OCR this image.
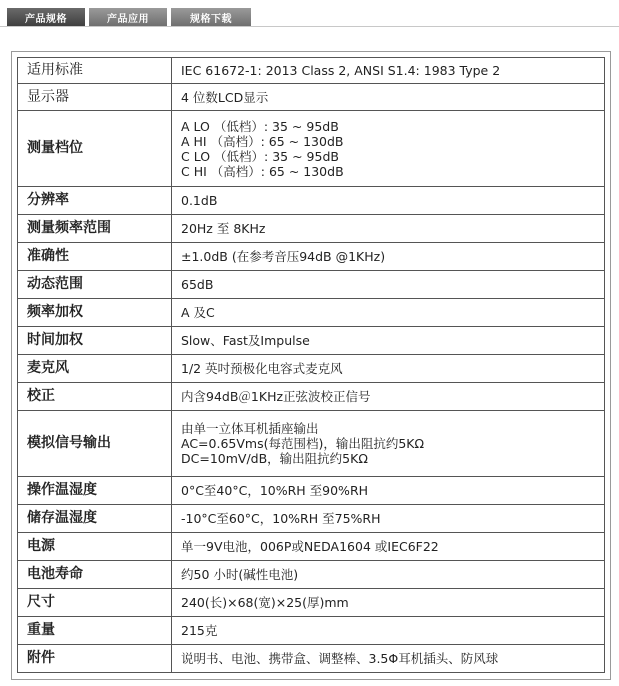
产品规格	产品应用	规格下载
适用标准	IEC 61672-1: 2013 Class 2, ANSI S1.4: 1983 Type 2

显示器	4 位数LCD显示

测量档位	A LO （低档）: 35 ~ 95dB
A HI （高档）: 65 ~ 130dB
C LO （低档）: 35 ~ 95dB
C HI （高档）: 65 ~ 130dB

分辨率	0.1dB

测量频率范围	20Hz 至 8KHz

准确性	±1.0dB (在参考音压94dB @1KHz)

动态范围	65dB

频率加权	A 及C

时间加权	Slow、Fast及Impulse

麦克风	1/2 英吋预极化电容式麦克风

校正	内含94dB＠1KHz正弦波校正信号

模拟信号输出	由单一立体耳机插座输出
AC=0.65Vms(每范围档)，输出阻抗约5KΩ
DC=10mV/dB，输出阻抗约5KΩ

操作温湿度	0°C至40°C，10%RH 至90%RH

储存温湿度	-10°C至60°C，10%RH 至75%RH

电源	单一9V电池，006P或NEDA1604 或IEC6F22

电池寿命	约50 小时(碱性电池)

尺寸	240(长)×68(宽)×25(厚)mm

重量	215克

附件	说明书、电池、携带盒、调整棒、3.5Φ耳机插头、防风球
